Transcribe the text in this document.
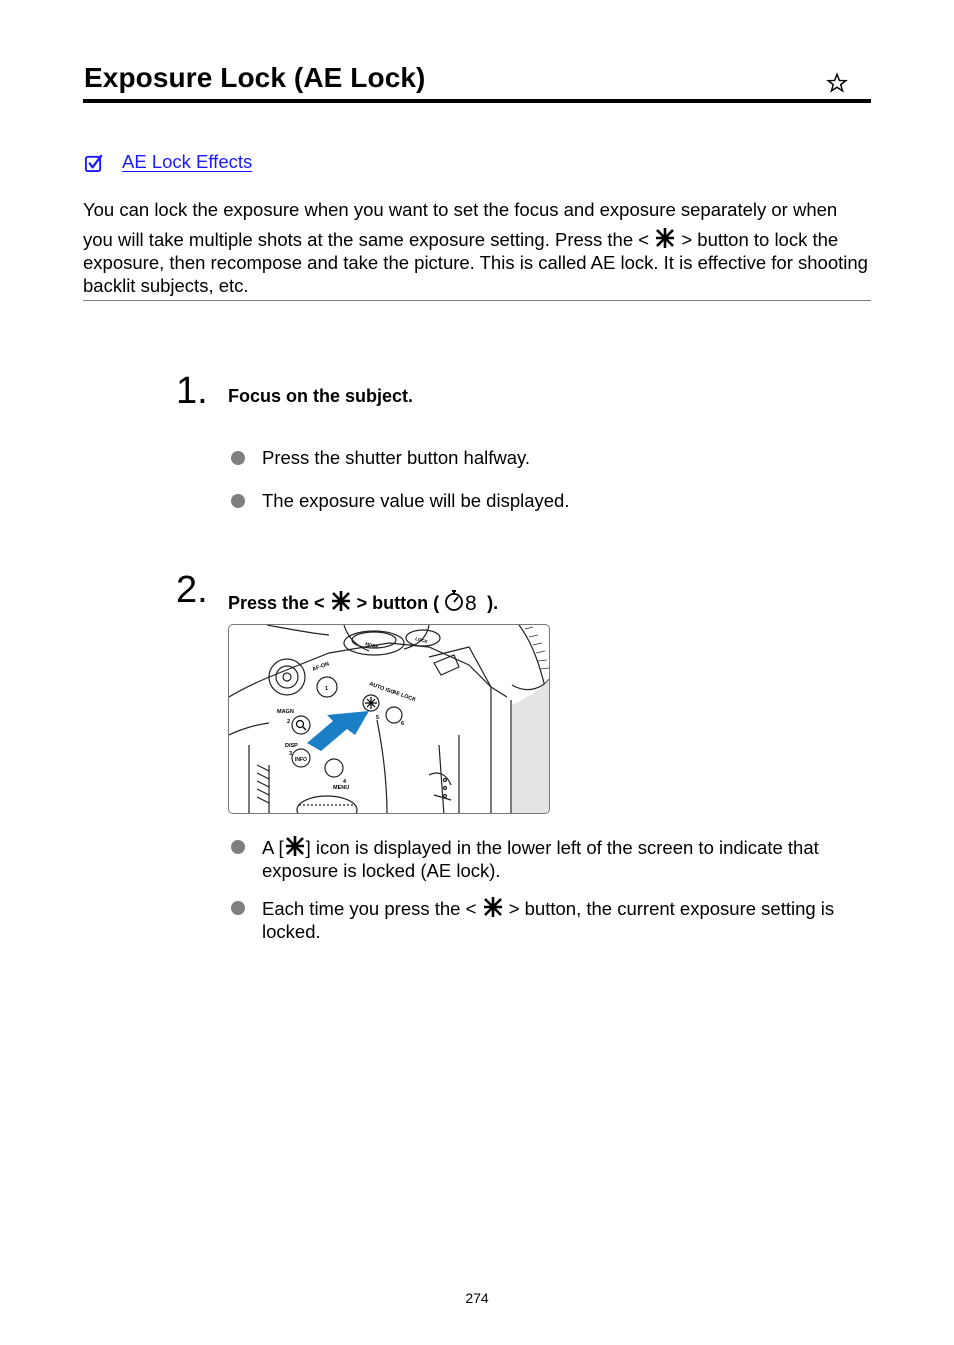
Exposure Lock (AE Lock)
AE Lock Effects
You can lock the exposure when you want to set the focus and exposure separately or when
you will take multiple shots at the same exposure setting. Press the < > button to lock the exposure, then recompose and take the picture. This is called AE lock. It is effective for shooting backlit subjects, etc.
1. Focus on the subject.
Press the shutter button halfway.
The exposure value will be displayed.
2. Press the < > button ( 8 ).
AF-ON
AUTO ISO
AE LOCK
MAGN
DISP
INFO
MENU
MODE
LOCK
1
2
3
4
5
6
A [ ] icon is displayed in the lower left of the screen to indicate that exposure is locked (AE lock).
Each time you press the < > button, the current exposure setting is locked.
274
